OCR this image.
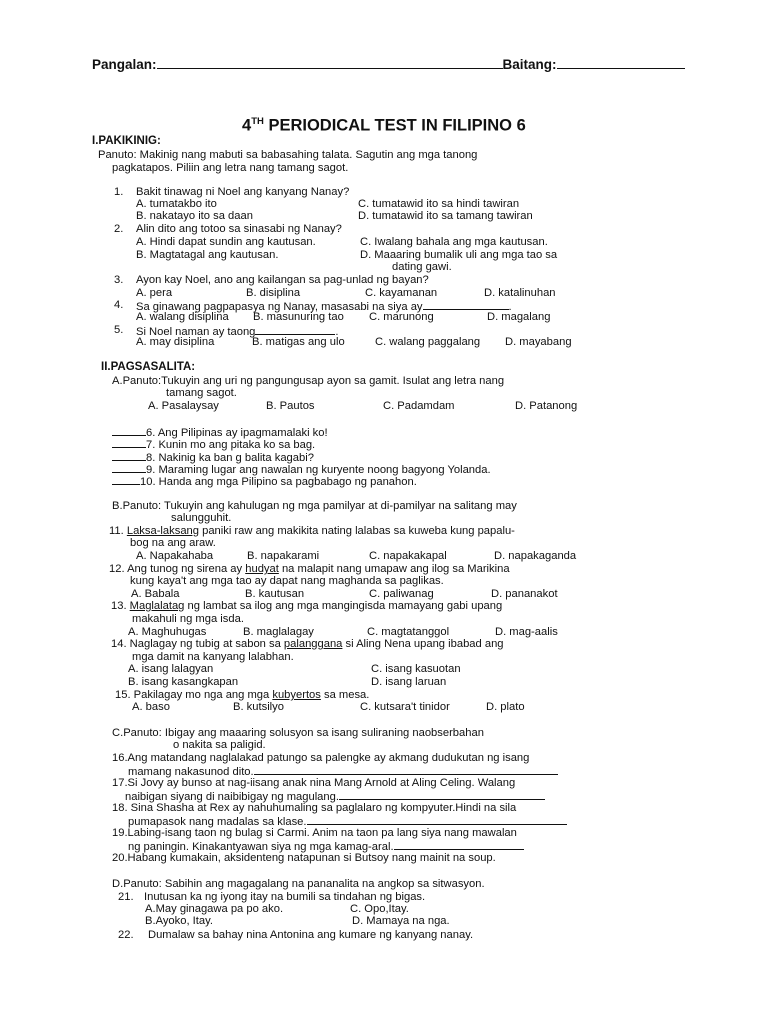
Pangalan:	Baitang:
4TH PERIODICAL TEST IN FILIPINO 6
I.PAKIKINIG:
Panuto: Makinig nang mabuti sa babasahing talata. Sagutin ang mga tanong
pagkatapos. Piliin ang letra nang tamang sagot.
1. Bakit tinawag ni Noel ang kanyang Nanay?
A. tumatakbo ito	C. tumatawid ito sa hindi tawiran
B. nakatayo ito sa daan	D. tumatawid ito sa tamang tawiran
2. Alin dito ang totoo sa sinasabi ng Nanay?
A. Hindi dapat sundin ang kautusan.	C. Iwalang bahala ang mga kautusan.
B. Magtatagal ang kautusan.	D. Maaaring bumalik uli ang mga tao sa
dating gawi.
3. Ayon kay Noel, ano ang kailangan sa pag-unlad ng bayan?
A. pera	B. disiplina	C. kayamanan	D. katalinuhan
4. Sa ginawang pagpapasya ng Nanay, masasabi na siya ay	.
A. walang disiplina B. masunuring tao C. marunong	D. magalang
5. Si Noel naman ay taong	.
A. may disiplina	B. matigas ang ulo	C. walang paggalang D. mayabang
II.PAGSASALITA:
A.Panuto:Tukuyin ang uri ng pangungusap ayon sa gamit. Isulat ang letra nang
tamang sagot.
A. Pasalaysay	B. Pautos	C. Padamdam	D. Patanong
6. Ang Pilipinas ay ipagmamalaki ko!
7. Kunin mo ang pitaka ko sa bag.
8. Nakinig ka ban g balita kagabi?
9. Maraming lugar ang nawalan ng kuryente noong bagyong Yolanda.
10. Handa ang mga Pilipino sa pagbabago ng panahon.
B.Panuto: Tukuyin ang kahulugan ng mga pamilyar at di-pamilyar na salitang may
salungguhit.
11. Laksa-laksang paniki raw ang makikita nating lalabas sa kuweba kung papalu-
bog na ang araw.
A. Napakahaba	B. napakarami	C. napakakapal	D. napakaganda
12. Ang tunog ng sirena ay hudyat na malapit nang umapaw ang ilog sa Marikina
kung kaya't ang mga tao ay dapat nang maghanda sa paglikas.
A. Babala	B. kautusan	C. paliwanag	D. pananakot
13. Maglalatag ng lambat sa ilog ang mga mangingisda mamayang gabi upang
makahuli ng mga isda.
A. Maghuhugas	B. maglalagay	C. magtatanggol	D. mag-aalis
14. Naglagay ng tubig at sabon sa palanggana si Aling Nena upang ibabad ang
mga damit na kanyang lalabhan.
A. isang lalagyan	C. isang kasuotan
B. isang kasangkapan	D. isang laruan
15. Pakilagay mo nga ang mga kubyertos sa mesa.
A. baso	B. kutsilyo	C. kutsara't tinidor	D. plato
C.Panuto: Ibigay ang maaaring solusyon sa isang suliraning naobserbahan
o nakita sa paligid.
16.Ang matandang naglalakad patungo sa palengke ay akmang dudukutan ng isang
mamang nakasunod dito.
17.Si Jovy ay bunso at nag-iisang anak nina Mang Arnold at Aling Celing. Walang
naibigan siyang di naibibigay ng magulang.
18. Sina Shasha at Rex ay nahuhumaling sa paglalaro ng kompyuter.Hindi na sila
pumapasok nang madalas sa klase.
19.Labing-isang taon ng bulag si Carmi. Anim na taon pa lang siya nang mawalan
ng paningin. Kinakantyawan siya ng mga kamag-aral.
20.Habang kumakain, aksidenteng natapunan si Butsoy nang mainit na soup.
D.Panuto: Sabihin ang magagalang na pananalita na angkop sa sitwasyon.
21. Inutusan ka ng iyong itay na bumili sa tindahan ng bigas.
A.May ginagawa pa po ako.	C. Opo,Itay.
B.Ayoko, Itay.	D. Mamaya na nga.
22. Dumalaw sa bahay nina Antonina ang kumare ng kanyang nanay.
